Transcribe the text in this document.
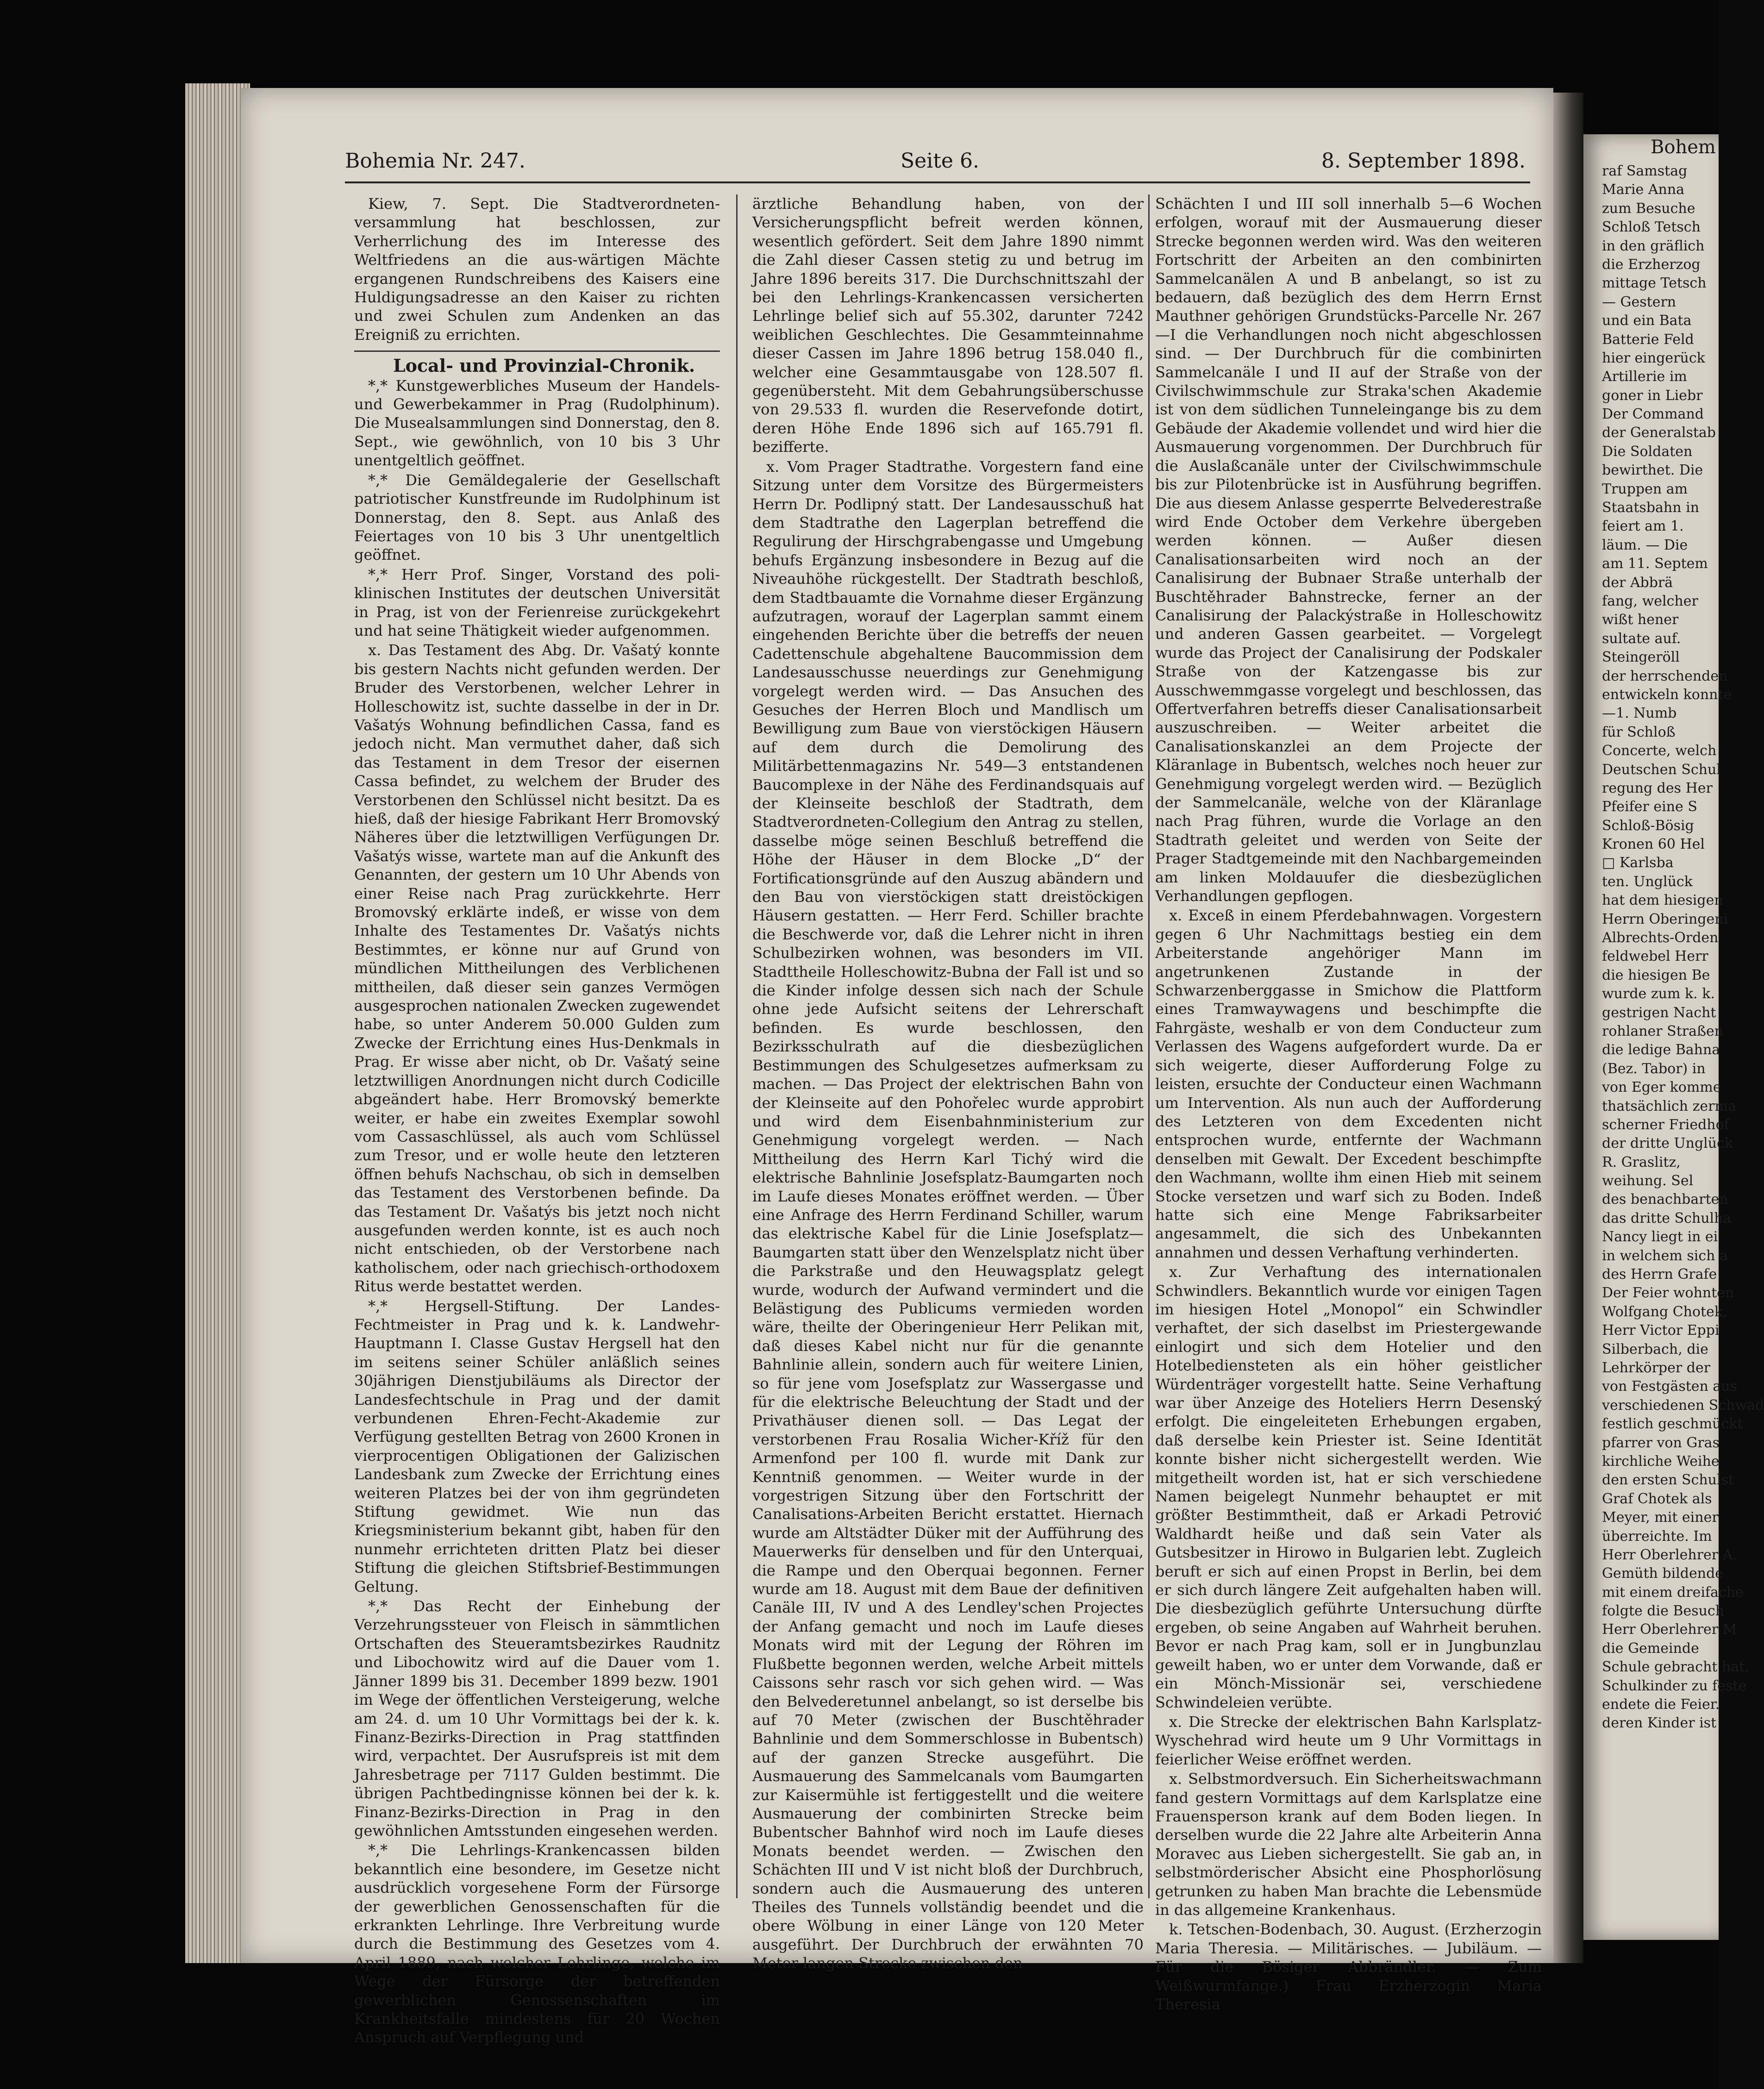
Bohemia Nr. 247.	Seite 6.	8. September 1898.

Kiew, 7. Sept. Die Stadtverordneten-versammlung hat beschlossen, zur Verherrlichung des im Interesse des Weltfriedens an die aus-wärtigen Mächte ergangenen Rundschreibens des Kaisers eine Huldigungsadresse an den Kaiser zu richten und zwei Schulen zum Andenken an das Ereigniß zu errichten.

Local- und Provinzial-Chronik.

*,* Kunstgewerbliches Museum der Handels- und Gewerbekammer in Prag (Rudolphinum). Die Musealsammlungen sind Donnerstag, den 8. Sept., wie gewöhnlich, von 10 bis 3 Uhr unentgeltlich geöffnet.

*,* Die Gemäldegalerie der Gesellschaft patriotischer Kunstfreunde im Rudolphinum ist Donnerstag, den 8. Sept. aus Anlaß des Feiertages von 10 bis 3 Uhr unentgeltlich geöffnet.

*,* Herr Prof. Singer, Vorstand des poli-klinischen Institutes der deutschen Universität in Prag, ist von der Ferienreise zurückgekehrt und hat seine Thätigkeit wieder aufgenommen.

x. Das Testament des Abg. Dr. Vašatý konnte bis gestern Nachts nicht gefunden werden. Der Bruder des Verstorbenen, welcher Lehrer in Holleschowitz ist, suchte dasselbe in der in Dr. Vašatýs Wohnung befindlichen Cassa, fand es jedoch nicht. Man vermuthet daher, daß sich das Testament in dem Tresor der eisernen Cassa befindet, zu welchem der Bruder des Verstorbenen den Schlüssel nicht besitzt. Da es hieß, daß der hiesige Fabrikant Herr Bromovský Näheres über die letztwilligen Verfügungen Dr. Vašatýs wisse, wartete man auf die Ankunft des Genannten, der gestern um 10 Uhr Abends von einer Reise nach Prag zurückkehrte. Herr Bromovský erklärte indeß, er wisse von dem Inhalte des Testamentes Dr. Vašatýs nichts Bestimmtes, er könne nur auf Grund von mündlichen Mittheilungen des Verblichenen mittheilen, daß dieser sein ganzes Vermögen ausgesprochen nationalen Zwecken zugewendet habe, so unter Anderem 50.000 Gulden zum Zwecke der Errichtung eines Hus-Denkmals in Prag. Er wisse aber nicht, ob Dr. Vašatý seine letztwilligen Anordnungen nicht durch Codicille abgeändert habe. Herr Bromovský bemerkte weiter, er habe ein zweites Exemplar sowohl vom Cassaschlüssel, als auch vom Schlüssel zum Tresor, und er wolle heute den letzteren öffnen behufs Nachschau, ob sich in demselben das Testament des Verstorbenen befinde. Da das Testament Dr. Vašatýs bis jetzt noch nicht ausgefunden werden konnte, ist es auch noch nicht entschieden, ob der Verstorbene nach katholischem, oder nach griechisch-orthodoxem Ritus werde bestattet werden.

*,* Hergsell-Stiftung. Der Landes-Fechtmeister in Prag und k. k. Landwehr-Hauptmann I. Classe Gustav Hergsell hat den im seitens seiner Schüler anläßlich seines 30jährigen Dienstjubiläums als Director der Landesfechtschule in Prag und der damit verbundenen Ehren-Fecht-Akademie zur Verfügung gestellten Betrag von 2600 Kronen in vierprocentigen Obligationen der Galizischen Landesbank zum Zwecke der Errichtung eines weiteren Platzes bei der von ihm gegründeten Stiftung gewidmet. Wie nun das Kriegsministerium bekannt gibt, haben für den nunmehr errichteten dritten Platz bei dieser Stiftung die gleichen Stiftsbrief-Bestimmungen Geltung.

*,* Das Recht der Einhebung der Verzehrungssteuer von Fleisch in sämmtlichen Ortschaften des Steueramtsbezirkes Raudnitz und Libochowitz wird auf die Dauer vom 1. Jänner 1899 bis 31. December 1899 bezw. 1901 im Wege der öffentlichen Versteigerung, welche am 24. d. um 10 Uhr Vormittags bei der k. k. Finanz-Bezirks-Direction in Prag stattfinden wird, verpachtet. Der Ausrufspreis ist mit dem Jahresbetrage per 7117 Gulden bestimmt. Die übrigen Pachtbedingnisse können bei der k. k. Finanz-Bezirks-Direction in Prag in den gewöhnlichen Amtsstunden eingesehen werden.

*,* Die Lehrlings-Krankencassen bilden bekanntlich eine besondere, im Gesetze nicht ausdrücklich vorgesehene Form der Fürsorge der gewerblichen Genossenschaften für die erkrankten Lehrlinge. Ihre Verbreitung wurde durch die Bestimmung des Gesetzes vom 4. April 1889, nach welcher Lehrlinge, welche im Wege der Fürsorge der betreffenden gewerblichen Genossenschaften im Krankheitsfalle mindestens für 20 Wochen Anspruch auf Verpflegung und

ärztliche Behandlung haben, von der Versicherungspflicht befreit werden können, wesentlich gefördert. Seit dem Jahre 1890 nimmt die Zahl dieser Cassen stetig zu und betrug im Jahre 1896 bereits 317. Die Durchschnittszahl der bei den Lehrlings-Krankencassen versicherten Lehrlinge belief sich auf 55.302, darunter 7242 weiblichen Geschlechtes. Die Gesammteinnahme dieser Cassen im Jahre 1896 betrug 158.040 fl., welcher eine Gesammtausgabe von 128.507 fl. gegenübersteht. Mit dem Gebahrungsüberschusse von 29.533 fl. wurden die Reservefonde dotirt, deren Höhe Ende 1896 sich auf 165.791 fl. bezifferte.

x. Vom Prager Stadtrathe. Vorgestern fand eine Sitzung unter dem Vorsitze des Bürgermeisters Herrn Dr. Podlipný statt. Der Landesausschuß hat dem Stadtrathe den Lagerplan betreffend die Regulirung der Hirschgrabengasse und Umgebung behufs Ergänzung insbesondere in Bezug auf die Niveauhöhe rückgestellt. Der Stadtrath beschloß, dem Stadtbauamte die Vornahme dieser Ergänzung aufzutragen, worauf der Lagerplan sammt einem eingehenden Berichte über die betreffs der neuen Cadettenschule abgehaltene Baucommission dem Landesausschusse neuerdings zur Genehmigung vorgelegt werden wird. — Das Ansuchen des Gesuches der Herren Bloch und Mandlisch um Bewilligung zum Baue von vierstöckigen Häusern auf dem durch die Demolirung des Militärbettenmagazins Nr. 549—3 entstandenen Baucomplexe in der Nähe des Ferdinandsquais auf der Kleinseite beschloß der Stadtrath, dem Stadtverordneten-Collegium den Antrag zu stellen, dasselbe möge seinen Beschluß betreffend die Höhe der Häuser in dem Blocke „D“ der Fortificationsgründe auf den Auszug abändern und den Bau von vierstöckigen statt dreistöckigen Häusern gestatten. — Herr Ferd. Schiller brachte die Beschwerde vor, daß die Lehrer nicht in ihren Schulbezirken wohnen, was besonders im VII. Stadttheile Holleschowitz-Bubna der Fall ist und so die Kinder infolge dessen sich nach der Schule ohne jede Aufsicht seitens der Lehrerschaft befinden. Es wurde beschlossen, den Bezirksschulrath auf die diesbezüglichen Bestimmungen des Schulgesetzes aufmerksam zu machen. — Das Project der elektrischen Bahn von der Kleinseite auf den Pohořelec wurde approbirt und wird dem Eisenbahnministerium zur Genehmigung vorgelegt werden. — Nach Mittheilung des Herrn Karl Tichý wird die elektrische Bahnlinie Josefsplatz-Baumgarten noch im Laufe dieses Monates eröffnet werden. — Über eine Anfrage des Herrn Ferdinand Schiller, warum das elektrische Kabel für die Linie Josefsplatz—Baumgarten statt über den Wenzelsplatz nicht über die Parkstraße und den Heuwagsplatz gelegt wurde, wodurch der Aufwand vermindert und die Belästigung des Publicums vermieden worden wäre, theilte der Oberingenieur Herr Pelikan mit, daß dieses Kabel nicht nur für die genannte Bahnlinie allein, sondern auch für weitere Linien, so für jene vom Josefsplatz zur Wassergasse und für die elektrische Beleuchtung der Stadt und der Privathäuser dienen soll. — Das Legat der verstorbenen Frau Rosalia Wicher-Kříž für den Armenfond per 100 fl. wurde mit Dank zur Kenntniß genommen. — Weiter wurde in der vorgestrigen Sitzung über den Fortschritt der Canalisations-Arbeiten Bericht erstattet. Hiernach wurde am Altstädter Düker mit der Aufführung des Mauerwerks für denselben und für den Unterquai, die Rampe und den Oberquai begonnen. Ferner wurde am 18. August mit dem Baue der definitiven Canäle III, IV und A des Lendley'schen Projectes der Anfang gemacht und noch im Laufe dieses Monats wird mit der Legung der Röhren im Flußbette begonnen werden, welche Arbeit mittels Caissons sehr rasch vor sich gehen wird. — Was den Belvederetunnel anbelangt, so ist derselbe bis auf 70 Meter (zwischen der Buschtěhrader Bahnlinie und dem Sommerschlosse in Bubentsch) auf der ganzen Strecke ausgeführt. Die Ausmauerung des Sammelcanals vom Baumgarten zur Kaisermühle ist fertiggestellt und die weitere Ausmauerung der combinirten Strecke beim Bubentscher Bahnhof wird noch im Laufe dieses Monats beendet werden. — Zwischen den Schächten III und V ist nicht bloß der Durchbruch, sondern auch die Ausmauerung des unteren Theiles des Tunnels vollständig beendet und die obere Wölbung in einer Länge von 120 Meter ausgeführt. Der Durchbruch der erwähnten 70 Meter langen Strecke zwischen den

Schächten I und III soll innerhalb 5—6 Wochen erfolgen, worauf mit der Ausmauerung dieser Strecke begonnen werden wird. Was den weiteren Fortschritt der Arbeiten an den combinirten Sammelcanälen A und B anbelangt, so ist zu bedauern, daß bezüglich des dem Herrn Ernst Mauthner gehörigen Grundstücks-Parcelle Nr. 267—I die Verhandlungen noch nicht abgeschlossen sind. — Der Durchbruch für die combinirten Sammelcanäle I und II auf der Straße von der Civilschwimmschule zur Straka'schen Akademie ist von dem südlichen Tunneleingange bis zu dem Gebäude der Akademie vollendet und wird hier die Ausmauerung vorgenommen. Der Durchbruch für die Auslaßcanäle unter der Civilschwimmschule bis zur Pilotenbrücke ist in Ausführung begriffen. Die aus diesem Anlasse gesperrte Belvederestraße wird Ende October dem Verkehre übergeben werden können. — Außer diesen Canalisationsarbeiten wird noch an der Canalisirung der Bubnaer Straße unterhalb der Buschtěhrader Bahnstrecke, ferner an der Canalisirung der Palackýstraße in Holleschowitz und anderen Gassen gearbeitet. — Vorgelegt wurde das Project der Canalisirung der Podskaler Straße von der Katzengasse bis zur Ausschwemmgasse vorgelegt und beschlossen, das Offertverfahren betreffs dieser Canalisationsarbeit auszuschreiben. — Weiter arbeitet die Canalisationskanzlei an dem Projecte der Kläranlage in Bubentsch, welches noch heuer zur Genehmigung vorgelegt werden wird. — Bezüglich der Sammelcanäle, welche von der Kläranlage nach Prag führen, wurde die Vorlage an den Stadtrath geleitet und werden von Seite der Prager Stadtgemeinde mit den Nachbargemeinden am linken Moldauufer die diesbezüglichen Verhandlungen gepflogen.

x. Exceß in einem Pferdebahnwagen. Vorgestern gegen 6 Uhr Nachmittags bestieg ein dem Arbeiterstande angehöriger Mann im angetrunkenen Zustande in der Schwarzenberggasse in Smichow die Plattform eines Tramwaywagens und beschimpfte die Fahrgäste, weshalb er von dem Conducteur zum Verlassen des Wagens aufgefordert wurde. Da er sich weigerte, dieser Aufforderung Folge zu leisten, ersuchte der Conducteur einen Wachmann um Intervention. Als nun auch der Aufforderung des Letzteren von dem Excedenten nicht entsprochen wurde, entfernte der Wachmann denselben mit Gewalt. Der Excedent beschimpfte den Wachmann, wollte ihm einen Hieb mit seinem Stocke versetzen und warf sich zu Boden. Indeß hatte sich eine Menge Fabriksarbeiter angesammelt, die sich des Unbekannten annahmen und dessen Verhaftung verhinderten.

x. Zur Verhaftung des internationalen Schwindlers. Bekanntlich wurde vor einigen Tagen im hiesigen Hotel „Monopol“ ein Schwindler verhaftet, der sich daselbst im Priestergewande einlogirt und sich dem Hotelier und den Hotelbediensteten als ein höher geistlicher Würdenträger vorgestellt hatte. Seine Verhaftung war über Anzeige des Hoteliers Herrn Desenský erfolgt. Die eingeleiteten Erhebungen ergaben, daß derselbe kein Priester ist. Seine Identität konnte bisher nicht sichergestellt werden. Wie mitgetheilt worden ist, hat er sich verschiedene Namen beigelegt Nunmehr behauptet er mit größter Bestimmtheit, daß er Arkadi Petrović Waldhardt heiße und daß sein Vater als Gutsbesitzer in Hirowo in Bulgarien lebt. Zugleich beruft er sich auf einen Propst in Berlin, bei dem er sich durch längere Zeit aufgehalten haben will. Die diesbezüglich geführte Untersuchung dürfte ergeben, ob seine Angaben auf Wahrheit beruhen. Bevor er nach Prag kam, soll er in Jungbunzlau geweilt haben, wo er unter dem Vorwande, daß er ein Mönch-Missionär sei, verschiedene Schwindeleien verübte.

x. Die Strecke der elektrischen Bahn Karlsplatz-Wyschehrad wird heute um 9 Uhr Vormittags in feierlicher Weise eröffnet werden.

x. Selbstmordversuch. Ein Sicherheitswachmann fand gestern Vormittags auf dem Karlsplatze eine Frauensperson krank auf dem Boden liegen. In derselben wurde die 22 Jahre alte Arbeiterin Anna Moravec aus Lieben sichergestellt. Sie gab an, in selbstmörderischer Absicht eine Phosphorlösung getrunken zu haben Man brachte die Lebensmüde in das allgemeine Krankenhaus.

k. Tetschen-Bodenbach, 30. August. (Erzherzogin Maria Theresia. — Militärisches. — Jubiläum. — Für die Bösiger Abbrändler. — Zum Weißwurmfange.) Frau Erzherzogin Maria Theresia

Bohem
raf Samstag
Marie Anna
zum Besuche
Schloß Tetsch
in den gräflich
die Erzherzog
mittage Tetsch
— Gestern
und ein Bata
Batterie Feld
hier eingerück
Artillerie im
goner in Liebr
Der Command
der Generalstab
Die Soldaten
bewirthet. Die
Truppen am
Staatsbahn in
feiert am 1.
läum. — Die
am 11. Septem
der Abbrä
fang, welcher
wißt hener
sultate auf.
Steingeröll
der herrschenden
entwickeln konnte
—1. Numb
für Schloß
Concerte, welch
Deutschen Schul
regung des Her
Pfeifer eine S
Schloß-Bösig
Kronen 60 Hel
□ Karlsba
ten. Unglück
hat dem hiesigen
Herrn Oberingeni
Albrechts-Orden
feldwebel Herr
die hiesigen Be
wurde zum k. k.
gestrigen Nacht
rohlaner Straßen
die ledige Bahna
(Bez. Tabor) in
von Eger komme
thatsächlich zerma
scherner Friedhof
der dritte Unglück
R. Graslitz,
weihung. Sel
des benachbarten
das dritte Schulha
Nancy liegt in ei
in welchem sich a
des Herrn Grafe
Der Feier wohnten
Wolfgang Chotek,
Herr Victor Eppi
Silberbach, die
Lehrkörper der
von Festgästen aus
verschiedenen Schwad
festlich geschmückt
pfarrer von Gras
kirchliche Weihe
den ersten Schulst
Graf Chotek als
Meyer, mit einer
überreichte. Im
Herr Oberlehrer A.
Gemüth bildende
mit einem dreifache
folgte die Besuch
Herr Oberlehrer M
die Gemeinde
Schule gebracht hat,
Schulkinder zu feste
endete die Feier.
deren Kinder ist
